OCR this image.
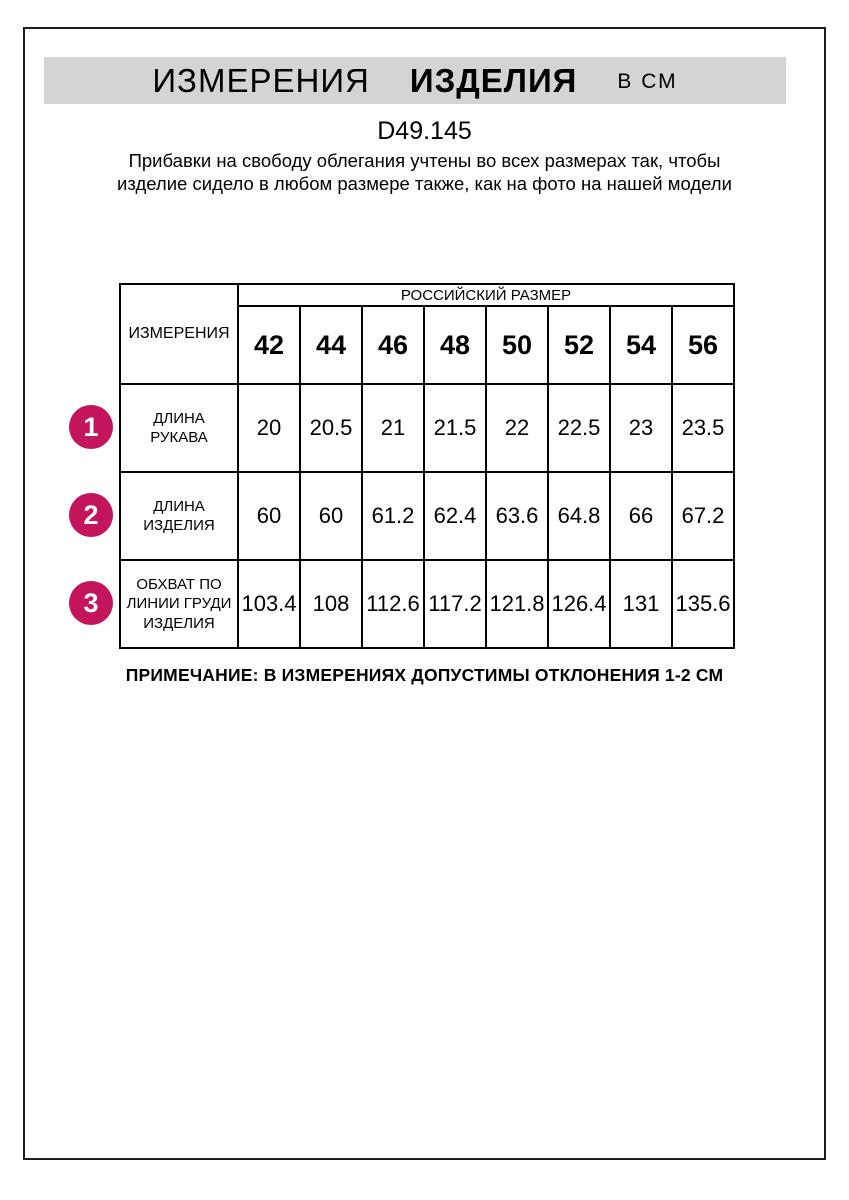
ИЗМЕРЕНИЯ ИЗДЕЛИЯ В СМ
D49.145
Прибавки на свободу облегания учтены во всех размерах так, чтобы изделие сидело в любом размере также, как на фото на нашей модели
1
2
3
ИЗМЕРЕНИЯ	РОССИЙСКИЙ РАЗМЕР							
	42	44	46	48	50	52	54	56
ДЛИНА РУКАВА	20	20.5	21	21.5	22	22.5	23	23.5
ДЛИНА ИЗДЕЛИЯ	60	60	61.2	62.4	63.6	64.8	66	67.2
ОБХВАТ ПО ЛИНИИ ГРУДИ ИЗДЕЛИЯ	103.4	108	112.6	117.2	121.8	126.4	131	135.6
ПРИМЕЧАНИЕ: В ИЗМЕРЕНИЯХ ДОПУСТИМЫ ОТКЛОНЕНИЯ 1-2 СМ
